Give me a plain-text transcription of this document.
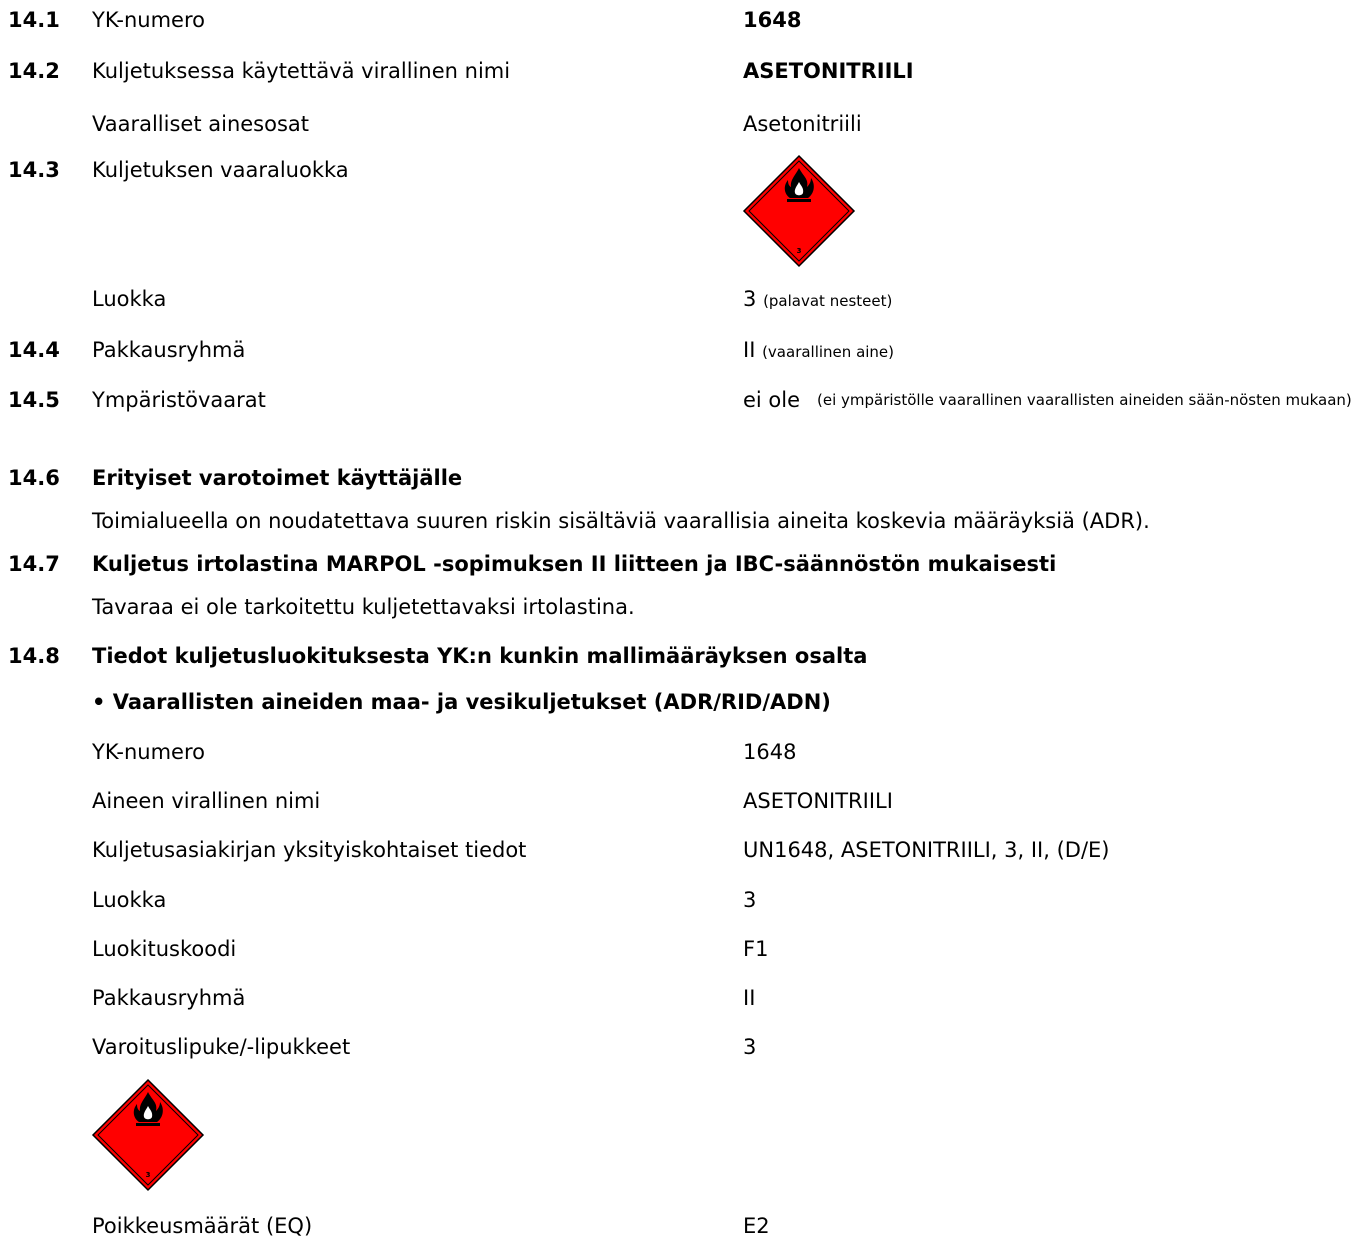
14.1 YK-numero	1648
14.2 Kuljetuksessa käytettävä virallinen nimi	ASETONITRIILI
Vaaralliset ainesosat	Asetonitriili
14.3 Kuljetuksen vaaraluokka
3
Luokka	3 (palavat nesteet)
14.4 Pakkausryhmä	II (vaarallinen aine)
14.5 Ympäristövaarat	ei ole (ei ympäristölle vaarallinen vaarallisten aineiden sään-nösten mukaan)
14.6 Erityiset varotoimet käyttäjälle
Toimialueella on noudatettava suuren riskin sisältäviä vaarallisia aineita koskevia määräyksiä (ADR).
14.7 Kuljetus irtolastina MARPOL -sopimuksen II liitteen ja IBC-säännöstön mukaisesti
Tavaraa ei ole tarkoitettu kuljetettavaksi irtolastina.
14.8 Tiedot kuljetusluokituksesta YK:n kunkin mallimääräyksen osalta
• Vaarallisten aineiden maa- ja vesikuljetukset (ADR/RID/ADN)
YK-numero	1648
Aineen virallinen nimi	ASETONITRIILI
Kuljetusasiakirjan yksityiskohtaiset tiedot	UN1648, ASETONITRIILI, 3, II, (D/E)
Luokka	3
Luokituskoodi	F1
Pakkausryhmä	II
Varoituslipuke/-lipukkeet	3
3
Poikkeusmäärät (EQ)	E2
